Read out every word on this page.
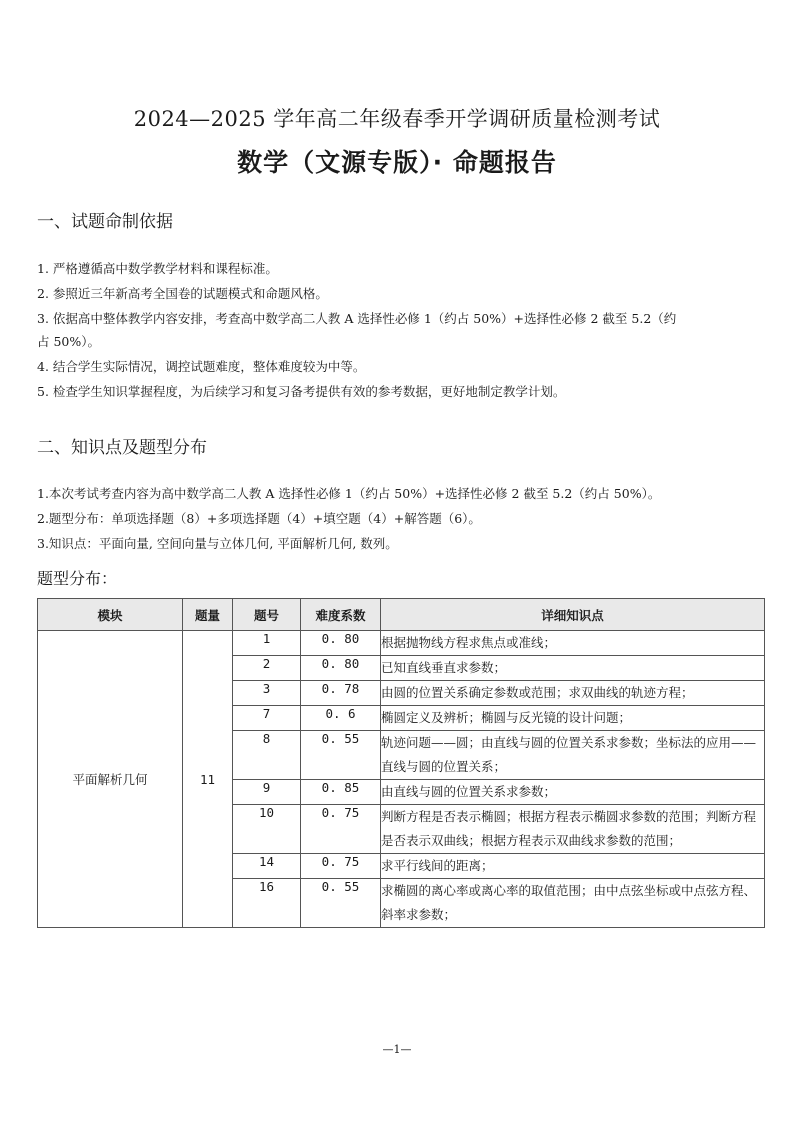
2024—2025 学年高二年级春季开学调研质量检测考试
数学（文源专版）· 命题报告
一、试题命制依据
1. 严格遵循高中数学教学材料和课程标准。
2. 参照近三年新高考全国卷的试题模式和命题风格。
3. 依据高中整体教学内容安排，考查高中数学高二人教 A 选择性必修 1（约占 50%）+选择性必修 2 截至 5.2（约
占 50%）。
4. 结合学生实际情况，调控试题难度，整体难度较为中等。
5. 检查学生知识掌握程度，为后续学习和复习备考提供有效的参考数据，更好地制定教学计划。
二、知识点及题型分布
1.本次考试考查内容为高中数学高二人教 A 选择性必修 1（约占 50%）+选择性必修 2 截至 5.2（约占 50%）。
2.题型分布：单项选择题（8）+多项选择题（4）+填空题（4）+解答题（6）。
3.知识点：平面向量, 空间向量与立体几何, 平面解析几何, 数列。
题型分布：
模块	题量	题号	难度系数	详细知识点
平面解析几何	11	1	0. 80	根据抛物线方程求焦点或准线；
		2	0. 80	已知直线垂直求参数；
		3	0. 78	由圆的位置关系确定参数或范围；求双曲线的轨迹方程；
		7	0. 6	椭圆定义及辨析；椭圆与反光镜的设计问题；
		8	0. 55	轨迹问题——圆；由直线与圆的位置关系求参数；坐标法的应用——直线与圆的位置关系；
		9	0. 85	由直线与圆的位置关系求参数；
		10	0. 75	判断方程是否表示椭圆；根据方程表示椭圆求参数的范围；判断方程是否表示双曲线；根据方程表示双曲线求参数的范围；
		14	0. 75	求平行线间的距离；
		16	0. 55	求椭圆的离心率或离心率的取值范围；由中点弦坐标或中点弦方程、斜率求参数；
—1—
